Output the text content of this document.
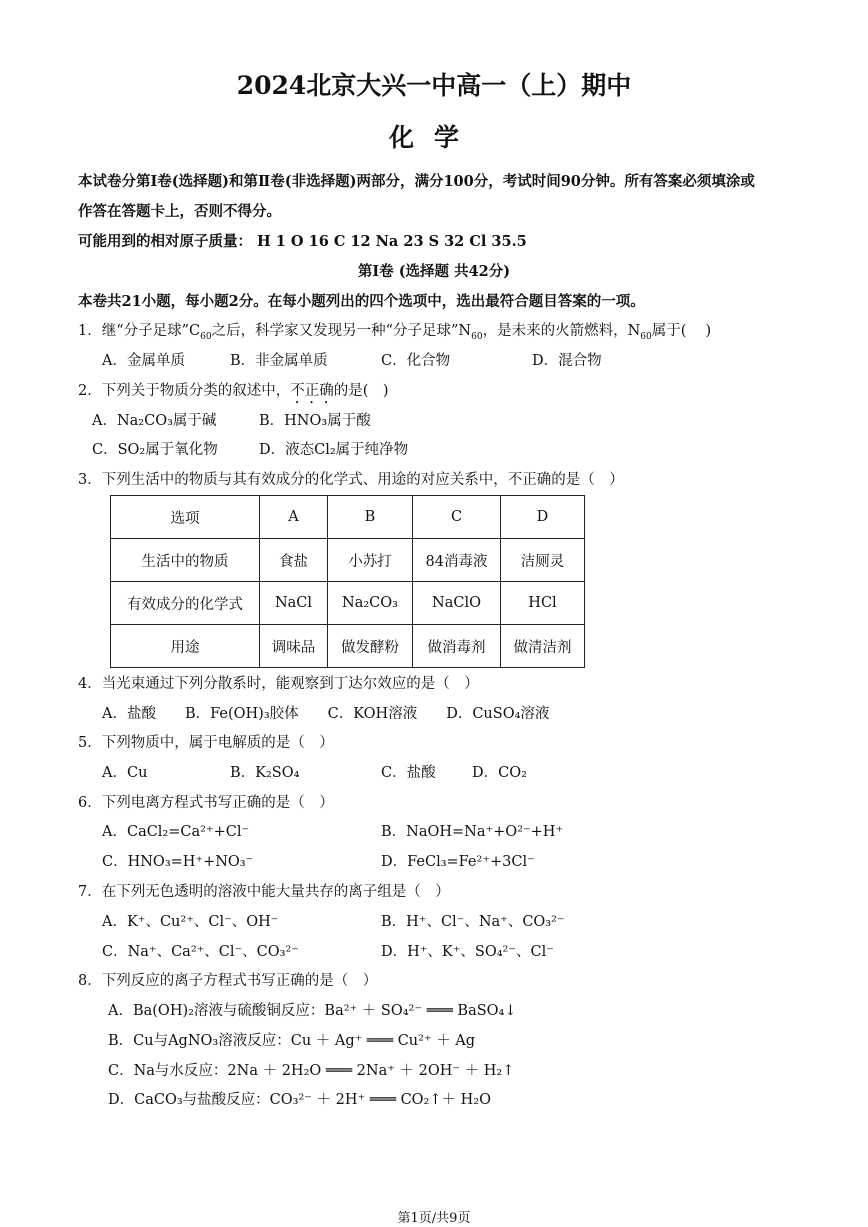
2024北京大兴一中高一（上）期中
化学
本试卷分第Ⅰ卷(选择题)和第Ⅱ卷(非选择题)两部分，满分100分，考试时间90分钟。所有答案必须填涂或
作答在答题卡上，否则不得分。
可能用到的相对原子质量： H 1 O 16 C 12 Na 23 S 32 Cl 35.5
第Ⅰ卷 (选择题 共42分)
本卷共21小题，每小题2分。在每小题列出的四个选项中，选出最符合题目答案的一项。
1．继“分子足球$”C_{60}$之后，科学家又发现另一种“分子足球$”N_{60}$，是未来的火箭燃料，$N_{60}$属于(　 )
A．金属单质	B．非金属单质	C．化合物	D．混合物
2．下列关于物质分类的叙述中，不正确的是(　)
A．Na₂CO₃属于碱	B．HNO₃属于酸
C．SO₂属于氧化物	D．液态Cl₂属于纯净物
3．下列生活中的物质与其有效成分的化学式、用途的对应关系中，不正确的是（　）
选项	A	B	C	D
生活中的物质	食盐	小苏打	84消毒液	洁厕灵
有效成分的化学式	NaCl	Na₂CO₃	NaClO	HCl
用途	调味品	做发酵粉	做消毒剂	做清洁剂
4．当光束通过下列分散系时，能观察到丁达尔效应的是（　）
A．盐酸　　B．Fe(OH)₃胶体　　C．KOH溶液　　D．CuSO₄溶液
5．下列物质中，属于电解质的是（　）
A．Cu	B．K₂SO₄	C．盐酸	D．CO₂
6．下列电离方程式书写正确的是（　）
A．CaCl₂=Ca²⁺+Cl⁻	B．NaOH=Na⁺+O²⁻+H⁺
C．HNO₃=H⁺+NO₃⁻	D．FeCl₃=Fe²⁺+3Cl⁻
7．在下列无色透明的溶液中能大量共存的离子组是（　）
A．K⁺、Cu²⁺、Cl⁻、OH⁻	B．H⁺、Cl⁻、Na⁺、CO₃²⁻
C．Na⁺、Ca²⁺、Cl⁻、CO₃²⁻	D．H⁺、K⁺、SO₄²⁻、Cl⁻
8．下列反应的离子方程式书写正确的是（　）
A．Ba(OH)₂溶液与硫酸铜反应：Ba²⁺ ＋ SO₄²⁻ ═══ BaSO₄↓
B．Cu与AgNO₃溶液反应：Cu ＋ Ag⁺ ═══ Cu²⁺ ＋ Ag
C．Na与水反应：2Na ＋ 2H₂O ═══ 2Na⁺ ＋ 2OH⁻ ＋ H₂↑
D．CaCO₃与盐酸反应：CO₃²⁻ ＋ 2H⁺ ═══ CO₂↑＋ H₂O
第1页/共9页
